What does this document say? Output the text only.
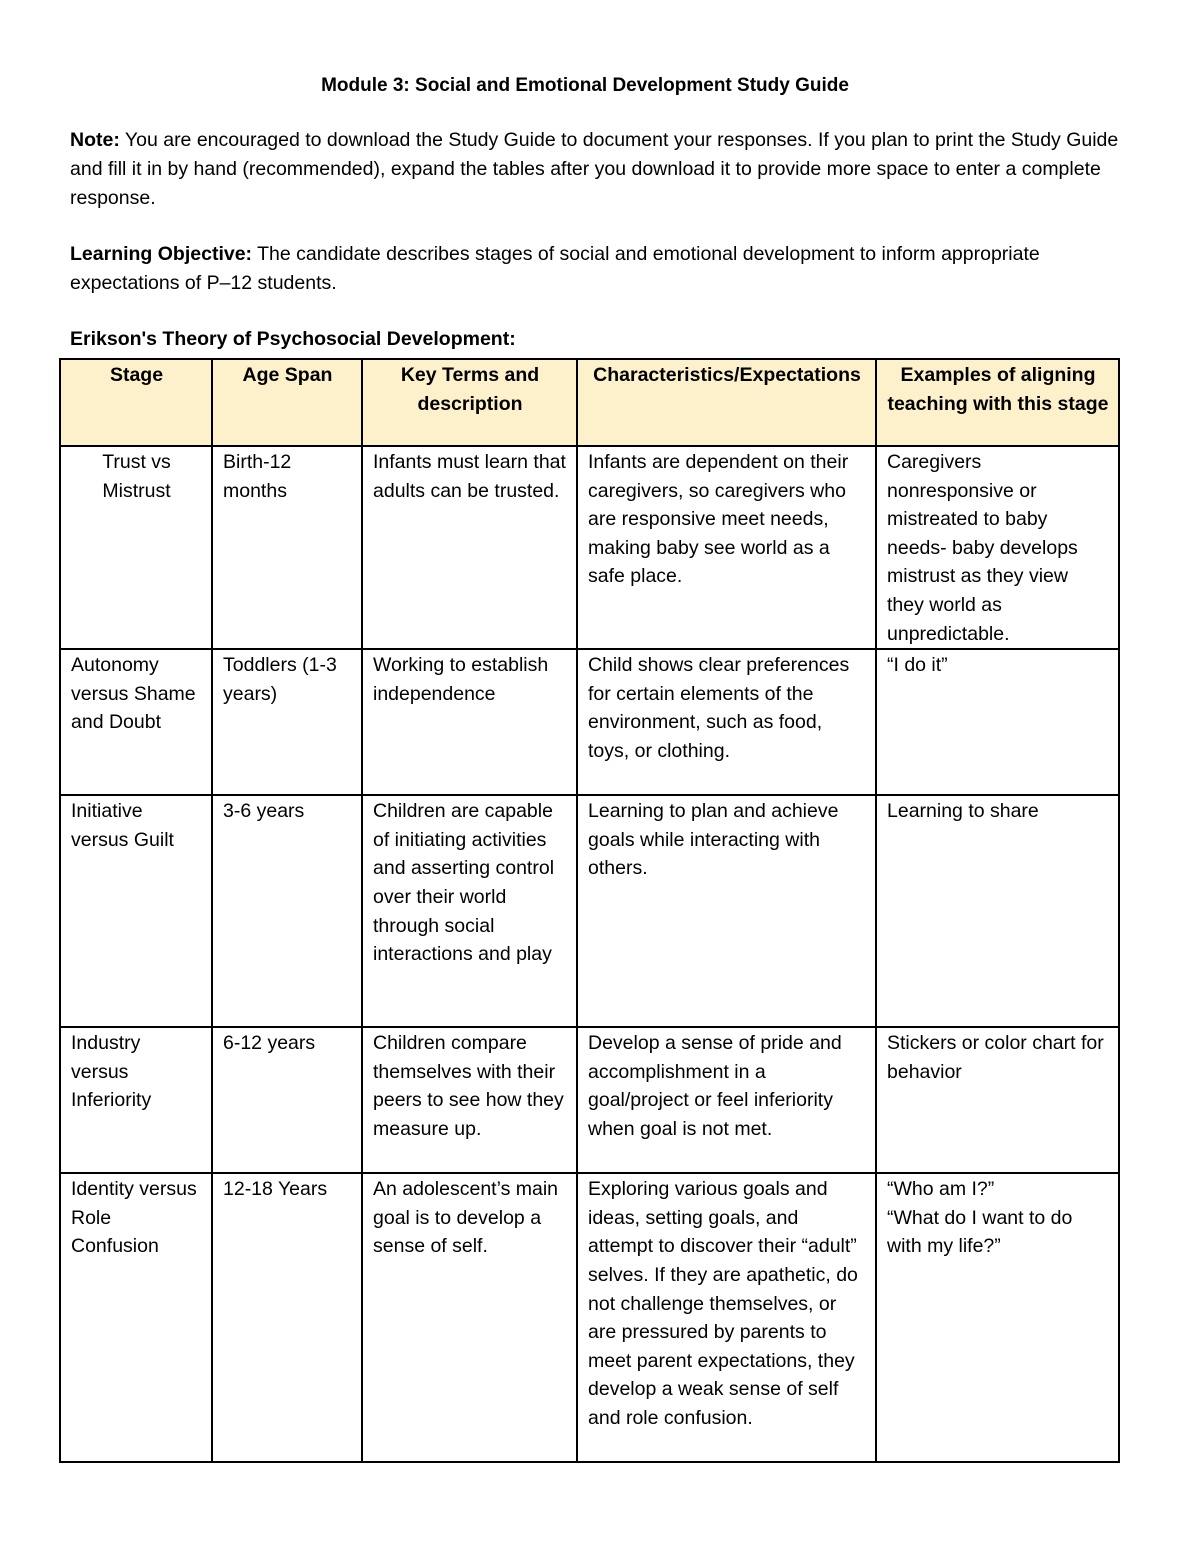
Module 3: Social and Emotional Development Study Guide
Note: You are encouraged to download the Study Guide to document your responses. If you plan to print the Study Guide and fill it in by hand (recommended), expand the tables after you download it to provide more space to enter a complete response.
Learning Objective: The candidate describes stages of social and emotional development to inform appropriate expectations of P–12 students.
Erikson's Theory of Psychosocial Development:
Stage	Age Span	Key Terms and description	Characteristics/Expectations	Examples of aligning teaching with this stage
Trust vs Mistrust	Birth-12 months	Infants must learn that adults can be trusted.	Infants are dependent on their caregivers, so caregivers who are responsive meet needs, making baby see world as a safe place.	Caregivers nonresponsive or mistreated to baby needs- baby develops mistrust as they view they world as unpredictable.
Autonomy versus Shame and Doubt	Toddlers (1-3 years)	Working to establish independence	Child shows clear preferences for certain elements of the environment, such as food, toys, or clothing.	“I do it”
Initiative versus Guilt	3-6 years	Children are capable of initiating activities and asserting control over their world through social interactions and play	Learning to plan and achieve goals while interacting with others.	Learning to share
Industry versus Inferiority	6-12 years	Children compare themselves with their peers to see how they measure up.	Develop a sense of pride and accomplishment in a goal/project or feel inferiority when goal is not met.	Stickers or color chart for behavior
Identity versus Role Confusion	12-18 Years	An adolescent’s main goal is to develop a sense of self.	Exploring various goals and ideas, setting goals, and attempt to discover their “adult” selves. If they are apathetic, do not challenge themselves, or are pressured by parents to meet parent expectations, they develop a weak sense of self and role confusion.	“Who am I?”
“What do I want to do with my life?”
